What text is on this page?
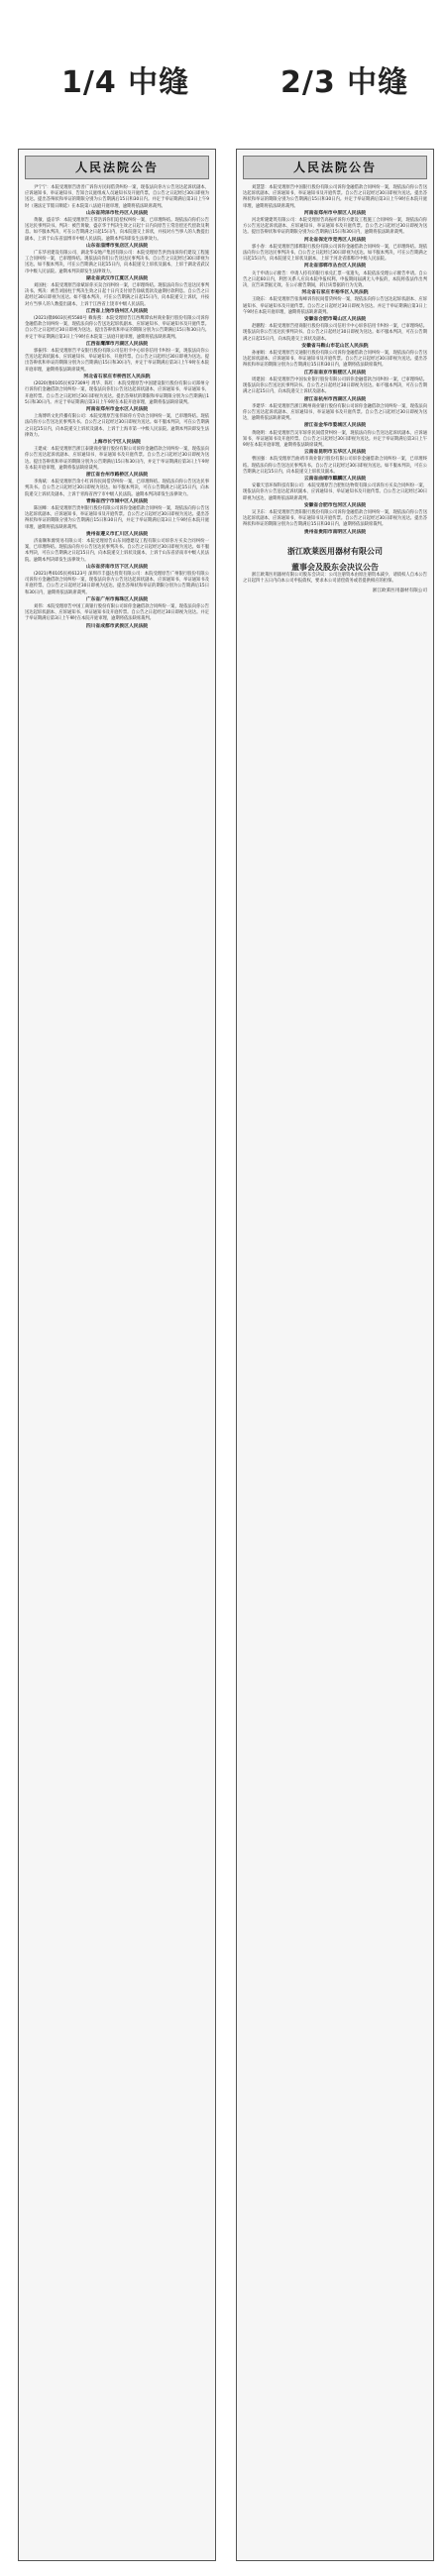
1/4 中缝	2/3 中缝
人民法院公告

尹宁宁：本院受理原告唐善广诉你方民间借贷纠纷一案，现依法向你方公告送达起诉状副本、应诉通知书、举证通知书、告知合议庭组成人员通知书及开庭传票。自公告之日起经过30日即视为送达。提出答辩状和举证的期限分别为公告期满后15日和30日内。并定于举证期满后第3日上午9时（遇法定节假日顺延）在本院第八法庭开庭审理，逾期将依法缺席裁判。

山东省菏泽市牡丹区人民法院

黄敏、盛京华：本院受理原告王常浩诉你们追偿权纠纷一案，已审理终结。现依法向你们公告送达民事判决书。判决：被告黄敏、盛京华于判决生效之日起十日内向原告王常浩偿还代偿款及利息。如不服本判决，可在公告期满之日起15日内，向本院递交上诉状，并按对方当事人的人数提出副本，上诉于山东省淄博市中级人民法院。逾期本判决即发生法律效力。

山东省淄博市张店区人民法院

广东华君建设有限公司、湖北华安地产集团有限公司：本院受理原告洪贵雨诉你们建设工程施工合同纠纷一案，已审理终结。现依法向你们公告送达民事判决书。自公告之日起经过30日即视为送达。如不服本判决，可在公告期满之日起15日内，向本院递交上诉状及副本，上诉于湖北省武汉市中级人民法院。逾期本判决即发生法律效力。

湖北省武汉市江夏区人民法院

刘国柱：本院受理原告徐斌诉你买卖合同纠纷一案，已审理终结。现依法向你公告送达民事判决书。判决：被告刘国柱于判决生效之日起十日内支付原告徐斌货款及逾期付款利息。自公告之日起经过30日即视为送达。如不服本判决，可在公告期满之日起15日内，向本院递交上诉状，并按对方当事人的人数提出副本，上诉于江西省上饶市中级人民法院。

江西省上饶市信州区人民法院

(2021)赣0603民初5580号 赖海燕：本院受理原告江西鹰潭农村商业银行股份有限公司诉你金融借款合同纠纷一案，现依法向你公告送达起诉状副本、应诉通知书、举证通知书及开庭传票。自公告之日起经过30日即视为送达。提出答辩状和举证的期限分别为公告期满后15日和30日内。并定于举证期满后第3日上午9时在本院第三法庭开庭审理，逾期将依法缺席裁判。

江西省鹰潭市月湖区人民法院

郭振伟：本院受理原告平安银行股份有限公司信用卡中心诉你信用卡纠纷一案，现依法向你公告送达起诉状副本、应诉通知书、举证通知书、开庭传票。自公告之日起经过30日即视为送达。提出答辩状和举证的期限分别为公告期满后15日和30日内，并定于举证期满后第3日上午9时在本院开庭审理，逾期将依法缺席裁判。

河北省石家庄市桥西区人民法院

(2020)豫0105民初27309号 周华、陈红：本院受理原告中国建设银行股份有限公司郑州分行诉你们金融借款合同纠纷一案，现依法向你们公告送达起诉状副本、应诉通知书、举证通知书、开庭传票。自公告之日起经过30日即视为送达。提出答辩状的期限和举证期限分别为公告期满后15日和30日内。并定于举证期满后第3日上午9时在本院开庭审理，逾期将依法缺席裁判。

河南省郑州市金水区人民法院

上海博昕文化传播有限公司：本院受理原告张伟诉你方劳动合同纠纷一案，已审理终结。现依法向你方公告送达民事判决书。自公告之日起经过30日即视为送达。如不服本判决，可在公告期满之日起15日内，向本院递交上诉状及副本，上诉于上海市第一中级人民法院。逾期本判决即发生法律效力。

上海市长宁区人民法院

王建成：本院受理原告浙江泰隆商业银行股份有限公司诉你金融借款合同纠纷一案，现依法向你公告送达起诉状副本、应诉通知书、举证通知书及开庭传票。自公告之日起经过30日即视为送达。提出答辩状和举证的期限分别为公告期满后15日和30日内，并定于举证期满后第3日上午9时在本院开庭审理，逾期将依法缺席裁判。

浙江省台州市路桥区人民法院

李海斌：本院受理原告余小红诉你民间借贷纠纷一案，已审理终结。现依法向你公告送达民事判决书。自公告之日起经过30日即视为送达。如不服本判决，可在公告期满之日起15日内，向本院递交上诉状及副本，上诉于青海省西宁市中级人民法院。逾期本判决即发生法律效力。

青海省西宁市城中区人民法院

陈国峰：本院受理原告贵州银行股份有限公司诉你金融借款合同纠纷一案，现依法向你公告送达起诉状副本、应诉通知书、举证通知书及开庭传票。自公告之日起经过30日即视为送达。提出答辩状和举证的期限分别为公告期满后15日和30日内，并定于举证期满后第3日上午9时在本院开庭审理，逾期将依法缺席裁判。

贵州省遵义市汇川区人民法院

济南顺和源贸易有限公司：本院受理原告山东同德建设工程有限公司诉你方买卖合同纠纷一案，已审理终结。现依法向你方公告送达民事判决书。自公告之日起经过30日即视为送达。如不服本判决，可在公告期满之日起15日内，向本院递交上诉状及副本，上诉于山东省济南市中级人民法院。逾期本判决即发生法律效力。

山东省济南市历下区人民法院

(2021)粤0105民初6123号 深圳市丰盛达投资有限公司：本院受理原告广州银行股份有限公司诉你方金融借款合同纠纷一案，现依法向你方公告送达起诉状副本、应诉通知书、举证通知书及开庭传票。自公告之日起经过30日即视为送达。提出答辩状和举证的期限分别为公告期满后15日和30日内，逾期将依法缺席裁判。

广东省广州市海珠区人民法院

刘伟：本院受理原告中国工商银行股份有限公司诉你金融借款合同纠纷一案，现依法向你公告送达起诉状副本、应诉通知书、举证通知书及开庭传票。自公告之日起经过30日即视为送达。并定于举证期满后第3日上午9时在本院开庭审理，逾期将依法缺席裁判。

四川省成都市武侯区人民法院

人民法院公告

刘慧慧：本院受理原告中国银行股份有限公司诉你金融借款合同纠纷一案，现依法向你公告送达起诉状副本、应诉通知书、举证通知书及开庭传票。自公告之日起经过30日即视为送达。提出答辩状和举证的期限分别为公告期满后15日和30日内。并定于举证期满后第3日上午9时在本院开庭审理，逾期将依法缺席裁判。

河南省郑州市中原区人民法院

河北昕隆建筑有限公司：本院受理原告高振祥诉你方建设工程施工合同纠纷一案，现依法向你方公告送达起诉状副本、应诉通知书、举证通知书及开庭传票。自公告之日起经过30日即视为送达。提出答辩状和举证的期限分别为公告期满后15日和30日内，逾期将依法缺席裁判。

河北省保定市竞秀区人民法院

郭小春：本院受理原告邯郸银行股份有限公司诉你金融借款合同纠纷一案，已审理终结。现依法向你公告送达民事判决书。自公告之日起经过30日即视为送达。如不服本判决，可在公告期满之日起15日内，向本院递交上诉状及副本，上诉于河北省邯郸市中级人民法院。

河北省邯郸市丛台区人民法院

关于申请公示催告：申请人持有的银行承兑汇票一张遗失，本院依法受理公示催告申请。自公告之日起60日内，利害关系人应向本院申报权利。申报期间届满无人申报的，本院将依法作出判决，宣告该票据无效。在公示催告期间，转让该票据的行为无效。

河北省石家庄市裕华区人民法院

王晓东：本院受理原告张海峰诉你民间借贷纠纷一案，现依法向你公告送达起诉状副本、应诉通知书、举证通知书及开庭传票。自公告之日起经过30日即视为送达。并定于举证期满后第3日上午9时在本院开庭审理，逾期将依法缺席裁判。

安徽省合肥市蜀山区人民法院

赵鹏程：本院受理原告招商银行股份有限公司信用卡中心诉你信用卡纠纷一案，已审理终结。现依法向你公告送达民事判决书。自公告之日起经过30日即视为送达。如不服本判决，可在公告期满之日起15日内，向本院递交上诉状及副本。

安徽省马鞍山市花山区人民法院

孙丽娟：本院受理原告交通银行股份有限公司诉你金融借款合同纠纷一案，现依法向你公告送达起诉状副本、应诉通知书、举证通知书及开庭传票。自公告之日起经过30日即视为送达。提出答辩状和举证的期限分别为公告期满后15日和30日内，逾期将依法缺席裁判。

江苏省南京市鼓楼区人民法院

周建国：本院受理原告中国农业银行股份有限公司诉你金融借款合同纠纷一案，已审理终结。现依法向你公告送达民事判决书。自公告之日起经过30日即视为送达。如不服本判决，可在公告期满之日起15日内，向本院递交上诉状及副本。

浙江省杭州市西湖区人民法院

李建华：本院受理原告浙江稠州商业银行股份有限公司诉你金融借款合同纠纷一案，现依法向你公告送达起诉状副本、应诉通知书、举证通知书及开庭传票。自公告之日起经过30日即视为送达，逾期将依法缺席裁判。

浙江省金华市婺城区人民法院

黄晓明：本院受理原告吴军诉你民间借贷纠纷一案，现依法向你公告送达起诉状副本、应诉通知书、举证通知书及开庭传票。自公告之日起经过30日即视为送达。并定于举证期满后第3日上午9时在本院开庭审理，逾期将依法缺席裁判。

云南省昆明市五华区人民法院

曹国强：本院受理原告曲靖市商业银行股份有限公司诉你金融借款合同纠纷一案，已审理终结。现依法向你公告送达民事判决书。自公告之日起经过30日即视为送达。如不服本判决，可在公告期满之日起15日内，向本院递交上诉状及副本。

云南省曲靖市麒麟区人民法院

安徽天容环保科技有限公司：本院受理原告合肥恒达物资有限公司诉你方买卖合同纠纷一案，现依法向你方公告送达起诉状副本、应诉通知书、举证通知书及开庭传票。自公告之日起经过30日即视为送达，逾期将依法缺席裁判。

安徽省合肥市包河区人民法院

吴卫东：本院受理原告贵阳银行股份有限公司诉你金融借款合同纠纷一案，现依法向你公告送达起诉状副本、应诉通知书、举证通知书及开庭传票。自公告之日起经过30日即视为送达。提出答辩状和举证的期限分别为公告期满后15日和30日内，逾期将依法缺席裁判。

贵州省贵阳市南明区人民法院

浙江欧莱医用器材有限公司

董事会及股东会决议公告

浙江欧莱医用器材有限公司股东会决议：公司注册资本由原注册资本减少，请债权人自本公告之日起四十五日内向本公司申报债权，要求本公司清偿债务或者提供相应的担保。

浙江欧莱医用器材有限公司
